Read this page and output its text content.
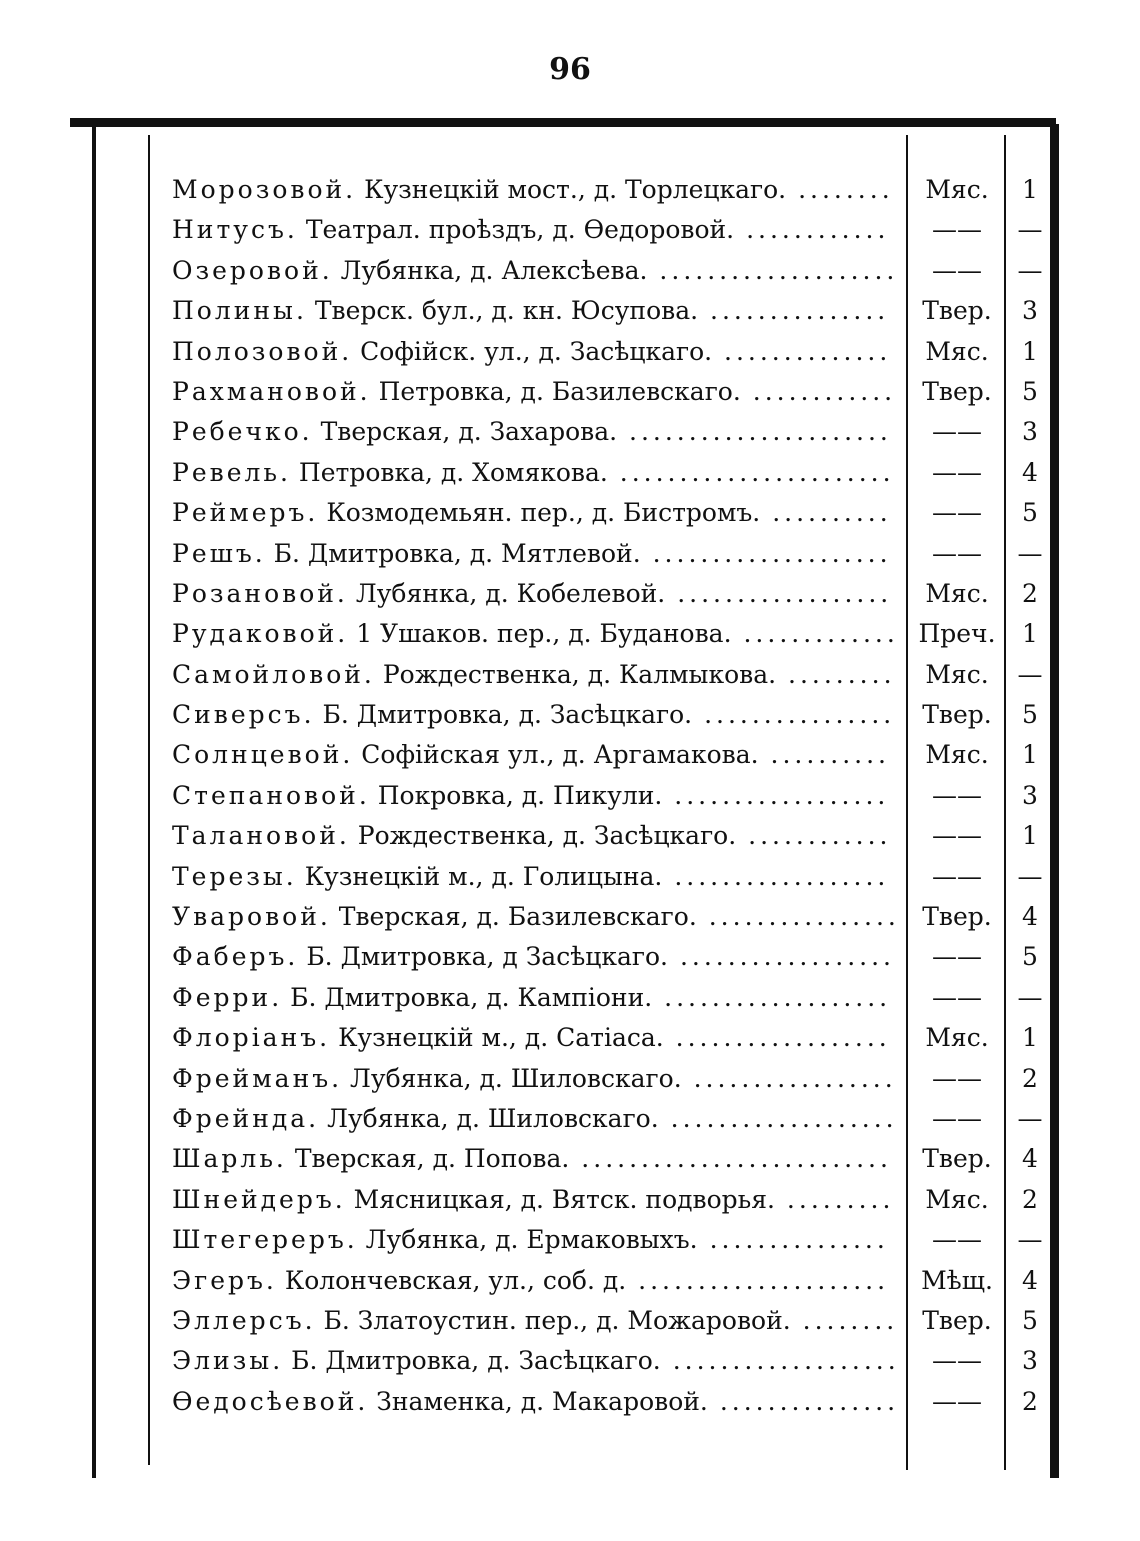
96
Морозовой. Кузнецкій мост., д. Торлецкаго. ........	Мяс.	1
Нитусъ. Театрал. проѣздъ, д. Ѳедоровой. ............	——	—
Озеровой. Лубянка, д. Алексѣева. ....................	——	—
Полины. Тверск. бул., д. кн. Юсупова. ...............	Твер.	3
Полозовой. Софійск. ул., д. Засѣцкаго. ..............	Мяс.	1
Рахмановой. Петровка, д. Базилевскаго. ............	Твер.	5
Ребечко. Тверская, д. Захарова. ......................	——	3
Ревель. Петровка, д. Хомякова. .......................	——	4
Реймеръ. Козмодемьян. пер., д. Бистромъ. ..........	——	5
Решъ. Б. Дмитровка, д. Мятлевой. ....................	——	—
Розановой. Лубянка, д. Кобелевой. ..................	Мяс.	2
Рудаковой. 1 Ушаков. пер., д. Буданова. ............. Преч.	1
Самойловой. Рождественка, д. Калмыкова. .........	Мяс.	—
Сиверсъ. Б. Дмитровка, д. Засѣцкаго. ................	Твер.	5
Солнцевой. Софійская ул., д. Аргамакова. ..........	Мяс.	1
Степановой. Покровка, д. Пикули. ..................	——	3
Талановой. Рождественка, д. Засѣцкаго. ............	——	1
Терезы. Кузнецкій м., д. Голицына. ..................	——	—
Уваровой. Тверская, д. Базилевскаго. ................ Твер.	4
Фаберъ. Б. Дмитровка, д Засѣцкаго. ..................	——	5
Ферри. Б. Дмитровка, д. Кампіони. ...................	——	—
Флоріанъ. Кузнецкій м., д. Сатіаса. ..................	Мяс.	1
Фрейманъ. Лубянка, д. Шиловскаго. .................	——	2
Фрейнда. Лубянка, д. Шиловскаго. ...................	——	—
Шарль. Тверская, д. Попова. ..........................	Твер.	4
Шнейдеръ. Мясницкая, д. Вятск. подворья. .........	Мяс.	2
Штегереръ. Лубянка, д. Ермаковыхъ. ...............	——	—
Эгеръ. Колончевская, ул., соб. д. .....................	Мѣщ.	4
Эллерсъ. Б. Златоустин. пер., д. Можаровой. ........ Твер.	5
Элизы. Б. Дмитровка, д. Засѣцкаго. ...................	——	3
Ѳедосѣевой. Знаменка, д. Макаровой. ...............	——	2
